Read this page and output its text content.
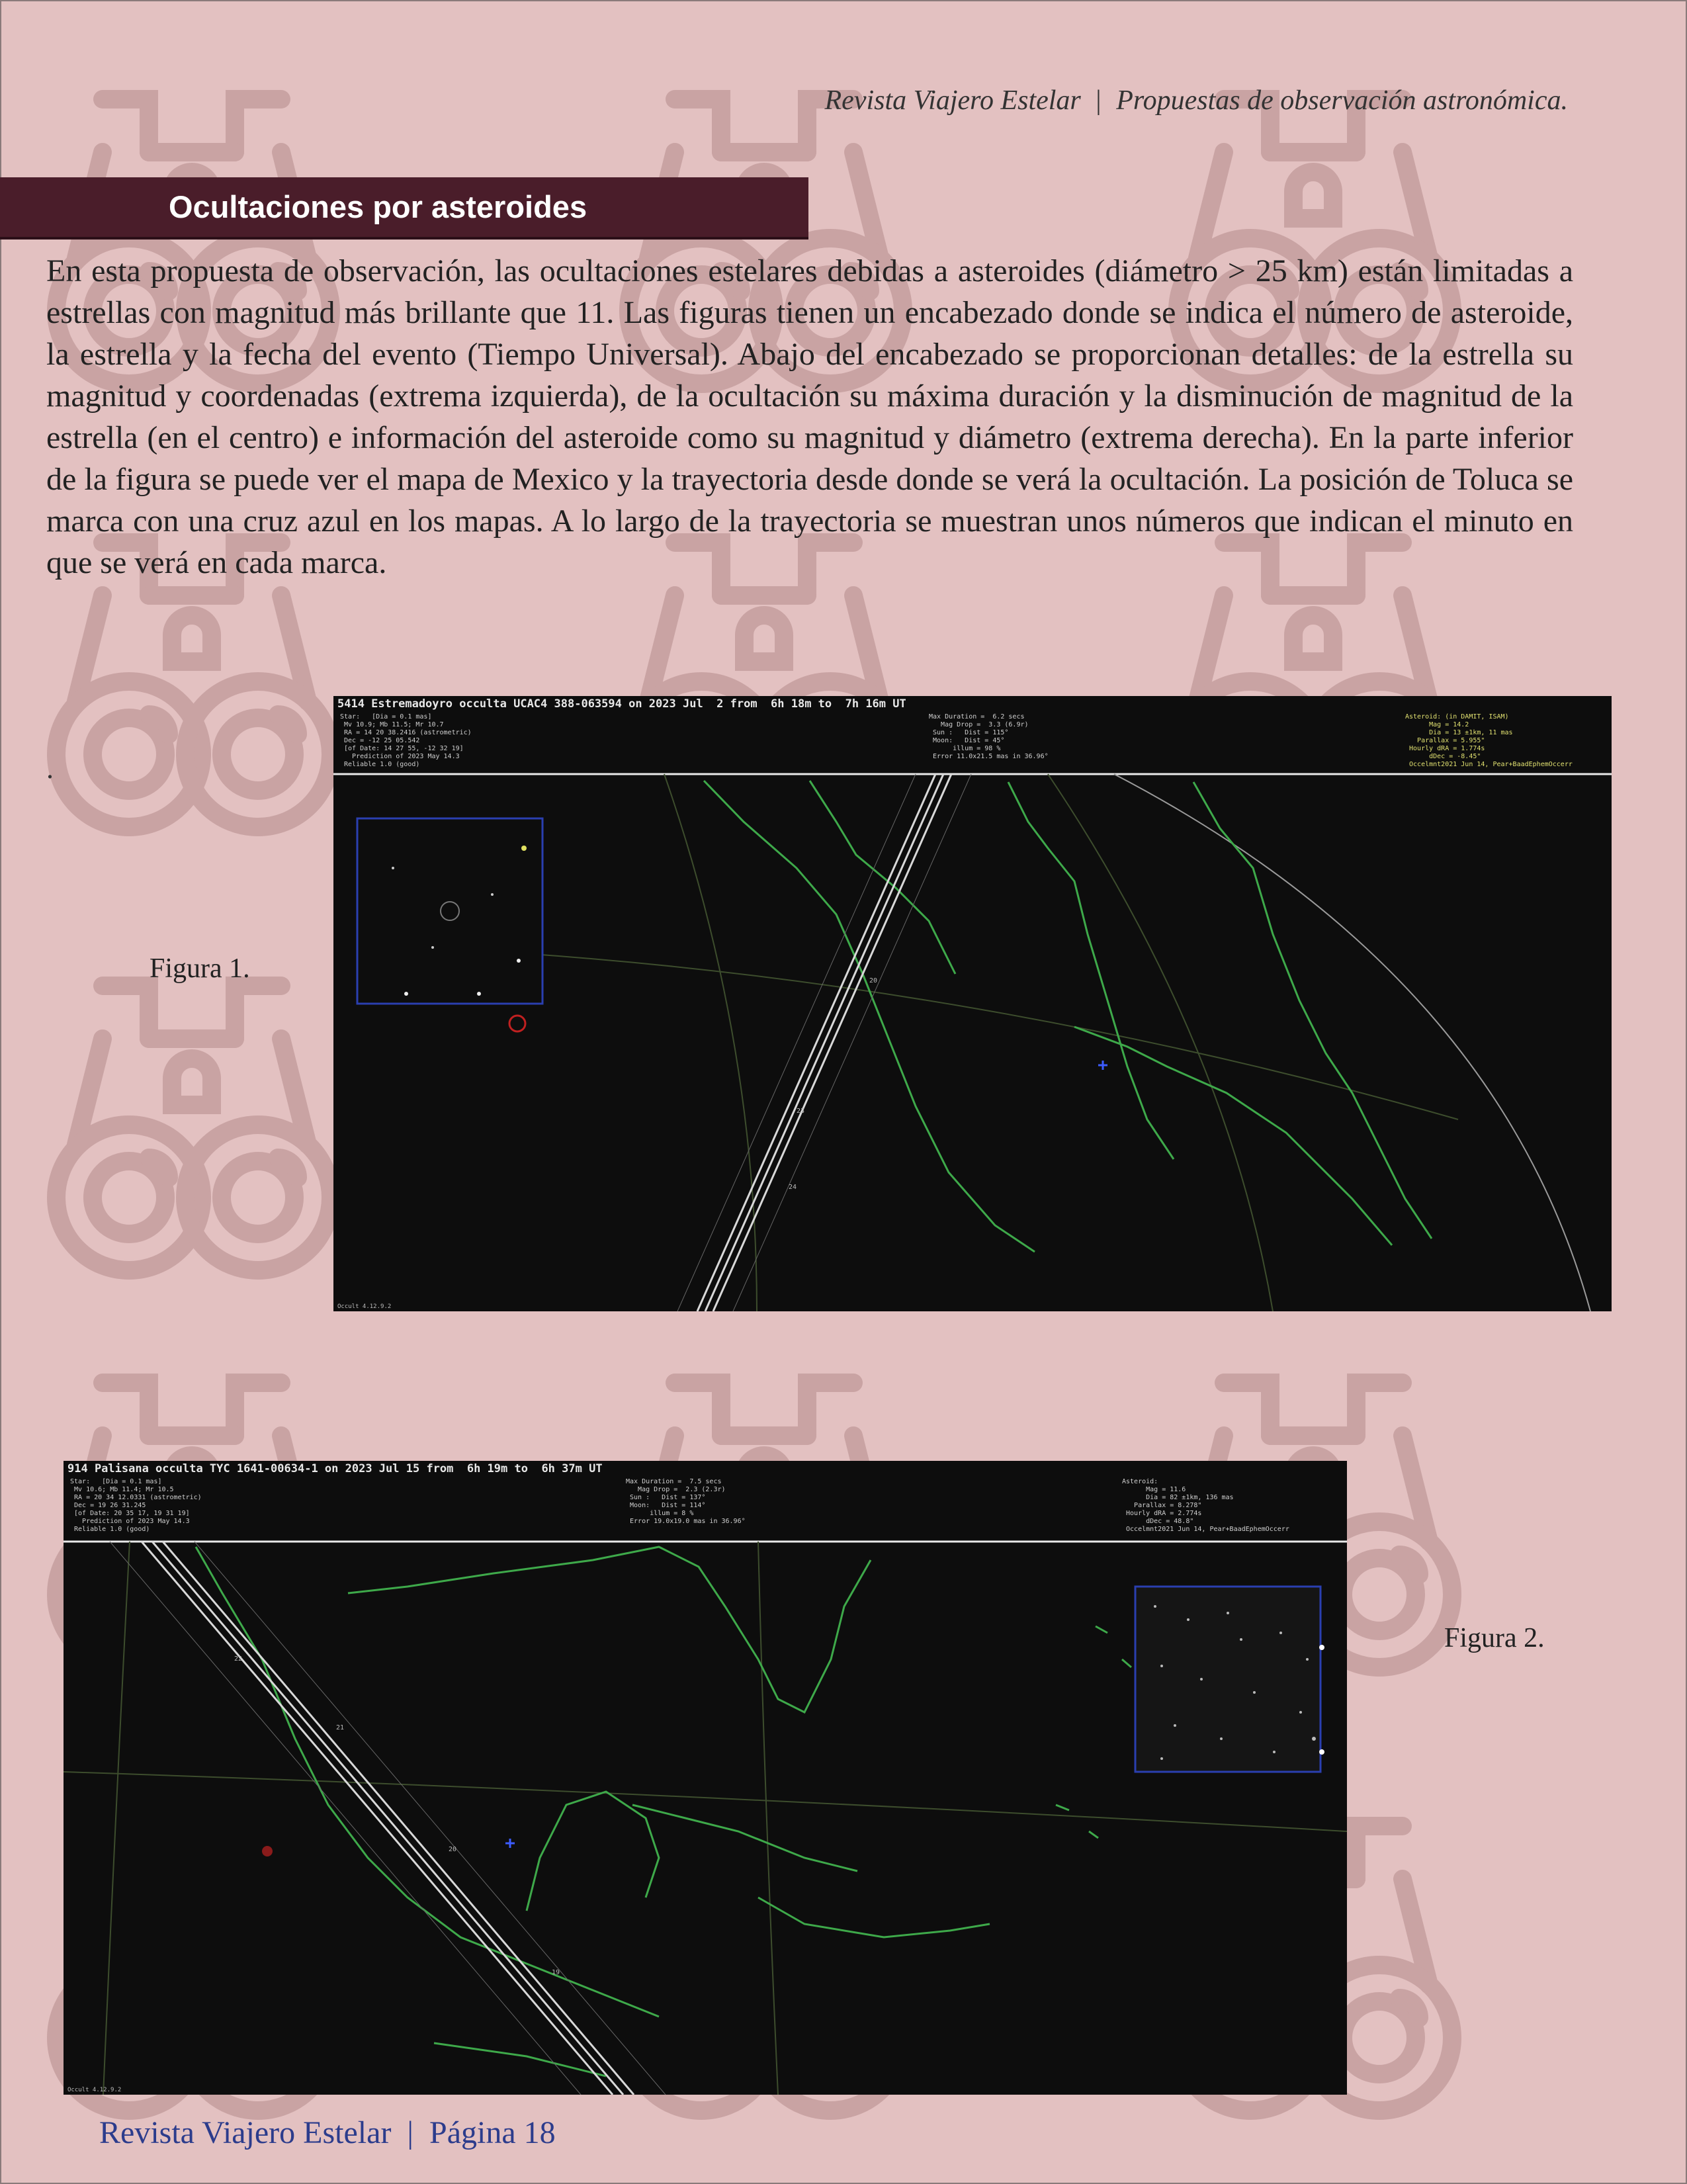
Revista Viajero Estelar | Propuestas de observación astronómica.
Ocultaciones por asteroides
En esta propuesta de observación, las ocultaciones estelares debidas a asteroides (diámetro > 25 km) están limitadas a estrellas con magnitud más brillante que 11. Las figuras tienen un encabezado donde se indica el número de asteroide, la estrella y la fecha del evento (Tiempo Universal). Abajo del encabezado se proporcionan detalles: de la estrella su magnitud y coordenadas (extrema izquierda), de la ocultación su máxima duración y la disminución de magnitud de la estrella (en el centro) e información del asteroide como su magnitud y diámetro (extrema derecha). En la parte inferior de la figura se puede ver el mapa de Mexico y la trayectoria desde donde se verá la ocultación. La posición de Toluca se marca con una cruz azul en los mapas. A lo largo de la trayectoria se muestran unos números que indican el minuto en que se verá en cada marca.
.
Figura 1.	20
23
24
5414 Estremadoyro occulta UCAC4 388-063594 on 2023 Jul  2 from  6h 18m to  7h 16m UT
Star:   [Dia = 0.1 mas]
Mv 10.9; Mb 11.5; Mr 10.7
RA = 14 20 38.2416 (astrometric)
Dec = -12 25 05.542
[of Date: 14 27 55, -12 32 19]
Prediction of 2023 May 14.3
Reliable 1.0 (good)
Max Duration =  6.2 secs
Mag Drop =  3.3 (6.9r)
Sun :   Dist = 115°
Moon:   Dist = 45°
illum = 98 %
Error 11.0x21.5 mas in 36.96°
Asteroid: (in DAMIT, ISAM)
Mag = 14.2
Dia = 13 ±1km, 11 mas
Parallax = 5.955"
Hourly dRA = 1.774s
dDec = -8.45"
Occelmnt2021 Jun 14, Pear+BaadEphemOccerr
Occult 4.12.9.2
22
21
20
19
914 Palisana occulta TYC 1641-00634-1 on 2023 Jul 15 from  6h 19m to  6h 37m UT
Star:   [Dia = 0.1 mas]
Mv 10.6; Mb 11.4; Mr 10.5
RA = 20 34 12.0331 (astrometric)
Dec = 19 26 31.245
[of Date: 20 35 17, 19 31 19]
Prediction of 2023 May 14.3
Reliable 1.0 (good)
Max Duration =  7.5 secs
Mag Drop =  2.3 (2.3r)
Sun :   Dist = 137°
Moon:   Dist = 114°
illum = 8 %
Error 19.0x19.0 mas in 36.96°
Asteroid:
Mag = 11.6
Dia = 82 ±1km, 136 mas
Parallax = 8.278"
Hourly dRA = 2.774s
dDec = 48.8"
Occelmnt2021 Jun 14, Pear+BaadEphemOccerr
Occult 4.12.9.2
Figura 2.
Revista Viajero Estelar | Página 18
